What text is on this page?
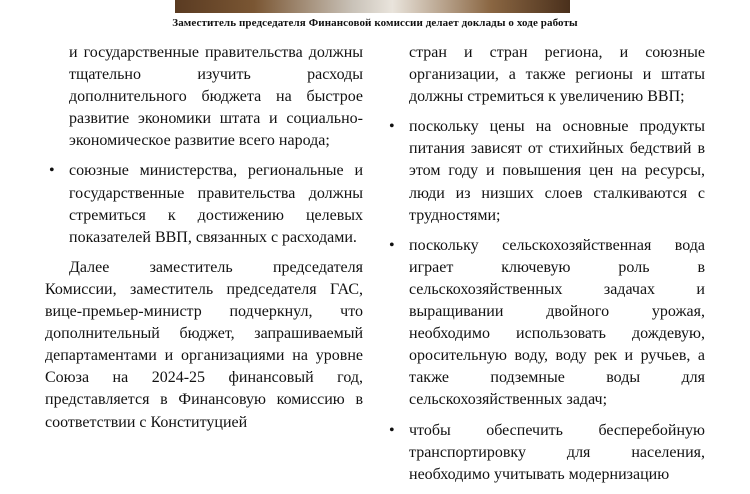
Заместитель председателя Финансовой комиссии делает доклады о ходе работы

и государственные правительства должны тщательно изучить расходы дополнительного бюджета на быстрое развитие экономики штата и социально-экономическое развитие всего народа;

• союзные министерства, региональные и государственные правительства должны стремиться к достижению целевых показателей ВВП, связанных с расходами.

Далее заместитель председателя Комиссии, заместитель председателя ГАС, вице-премьер-министр подчеркнул, что дополнительный бюджет, запрашиваемый департаментами и организациями на уровне Союза на 2024-25 финансовый год, представляется в Финансовую комиссию в соответствии с Конституцией

стран и стран региона, и союзные организации, а также регионы и штаты должны стремиться к увеличению ВВП;

• поскольку цены на основные продукты питания зависят от стихийных бедствий в этом году и повышения цен на ресурсы, люди из низших слоев сталкиваются с трудностями;

• поскольку сельскохозяйственная вода играет ключевую роль в сельскохозяйственных задачах и выращивании двойного урожая, необходимо использовать дождевую, оросительную воду, воду рек и ручьев, а также подземные воды для сельскохозяйственных задач;

• чтобы обеспечить бесперебойную транспортировку для населения, необходимо учитывать модернизацию
